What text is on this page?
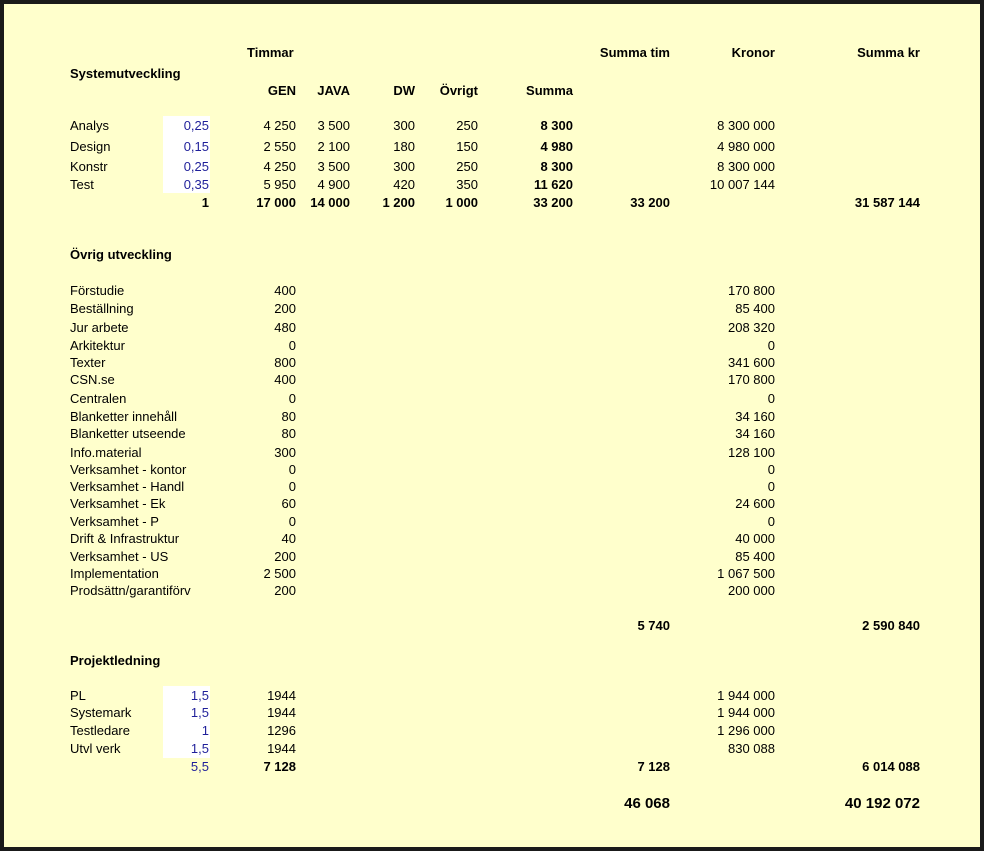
Timmar	Summa tim	Kronor	Summa kr
Systemutveckling
GEN	JAVA	DW	Övrigt	Summa
Analys	0,25	4 250	3 500	300	250	8 300	8 300 000
Design	0,15	2 550	2 100	180	150	4 980	4 980 000
Konstr	0,25	4 250	3 500	300	250	8 300	8 300 000
Test	0,35	5 950	4 900	420	350	11 620	10 007 144
1	17 000	14 000	1 200	1 000	33 200	33 200	31 587 144
Övrig utveckling
Förstudie	400	170 800
Beställning	200	85 400
Jur arbete	480	208 320
Arkitektur	0	0
Texter	800	341 600
CSN.se	400	170 800
Centralen	0	0
Blanketter innehåll	80	34 160
Blanketter utseende	80	34 160
Info.material	300	128 100
Verksamhet - kontor	0	0
Verksamhet - Handl	0	0
Verksamhet - Ek	60	24 600
Verksamhet - P	0	0
Drift & Infrastruktur	40	40 000
Verksamhet - US	200	85 400
Implementation	2 500	1 067 500
Prodsättn/garantiförv	200	200 000
5 740	2 590 840
Projektledning
PL	1,5	1944	1 944 000
Systemark	1,5	1944	1 944 000
Testledare	1	1296	1 296 000
Utvl verk	1,5	1944	830 088
5,5	7 128	7 128	6 014 088
46 068	40 192 072
